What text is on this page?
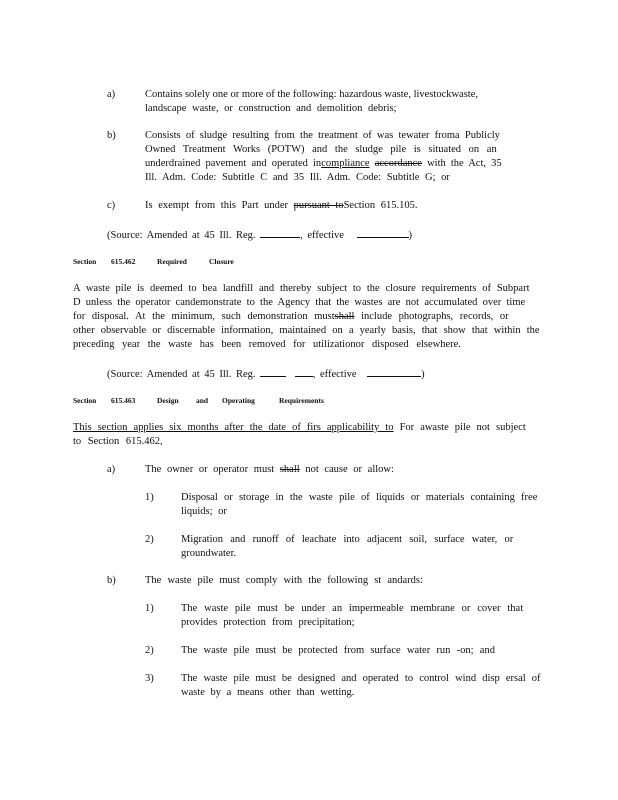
a)	Contains solely one or more of the following: hazardous waste, livestockwaste,
landscape waste, or construction and demolition debris;
b)	Consists of sludge resulting from the treatment of was tewater froma Publicly
Owned Treatment Works (POTW) and the sludge pile is situated on an
underdrained pavement and operated incompliance accordance with the Act, 35
Ill. Adm. Code: Subtitle C and 35 Ill. Adm. Code: Subtitle G; or
c)	Is exempt from this Part under pursuant toSection 615.105.
(Source: Amended at 45 Ill. Reg.	, effective	)
Section 615.462	Required	Closure
A waste pile is deemed to bea landfill and thereby subject to the closure requirements of Subpart
D unless the operator candemonstrate to the Agency that the wastes are not accumulated over time
for disposal. At the minimum, such demonstration mustshall include photographs, records, or
other observable or discernable information, maintained on a yearly basis, that show that within the
preceding year the waste has been removed for utilizationor disposed elsewhere.
(Source: Amended at 45 Ill. Reg.	, effective	)
Section 615.463	Design and Operating	Requirements
This section applies six months after the date of firs applicability to For awaste pile not subject
to Section 615.462,
a)	The owner or operator must shall not cause or allow:
1)	Disposal or storage in the waste pile of liquids or materials containing free
liquids; or
2)	Migration and runoff of leachate into adjacent soil, surface water, or
groundwater.
b)	The waste pile must comply with the following st andards:
1)	The waste pile must be under an impermeable membrane or cover that
provides protection from precipitation;
2)	The waste pile must be protected from surface water run -on; and
3)	The waste pile must be designed and operated to control wind disp ersal of
waste by a means other than wetting.
